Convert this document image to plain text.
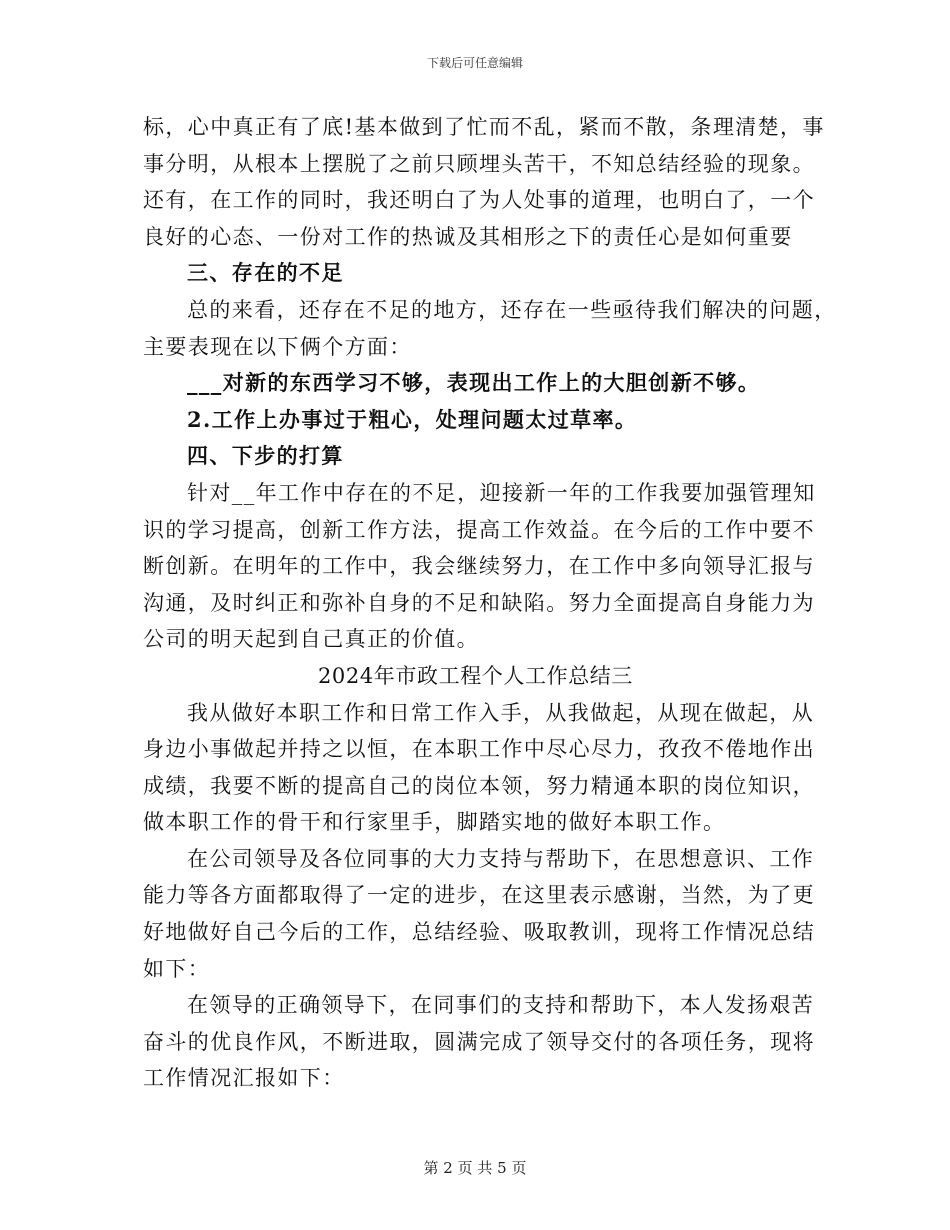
下载后可任意编辑
标，心中真正有了底!基本做到了忙而不乱，紧而不散，条理清楚，事
事分明，从根本上摆脱了之前只顾埋头苦干，不知总结经验的现象。
还有，在工作的同时，我还明白了为人处事的道理，也明白了，一个
良好的心态、一份对工作的热诚及其相形之下的责任心是如何重要
三、存在的不足
总的来看，还存在不足的地方，还存在一些亟待我们解决的问题，
主要表现在以下俩个方面：
___对新的东西学习不够，表现出工作上的大胆创新不够。
2.工作上办事过于粗心，处理问题太过草率。
四、下步的打算
针对__年工作中存在的不足，迎接新一年的工作我要加强管理知
识的学习提高，创新工作方法，提高工作效益。在今后的工作中要不
断创新。在明年的工作中，我会继续努力，在工作中多向领导汇报与
沟通，及时纠正和弥补自身的不足和缺陷。努力全面提高自身能力为
公司的明天起到自己真正的价值。
2024年市政工程个人工作总结三
我从做好本职工作和日常工作入手，从我做起，从现在做起，从
身边小事做起并持之以恒，在本职工作中尽心尽力，孜孜不倦地作出
成绩，我要不断的提高自己的岗位本领，努力精通本职的岗位知识，
做本职工作的骨干和行家里手，脚踏实地的做好本职工作。
在公司领导及各位同事的大力支持与帮助下，在思想意识、工作
能力等各方面都取得了一定的进步，在这里表示感谢，当然，为了更
好地做好自己今后的工作，总结经验、吸取教训，现将工作情况总结
如下：
在领导的正确领导下，在同事们的支持和帮助下，本人发扬艰苦
奋斗的优良作风，不断进取，圆满完成了领导交付的各项任务，现将
工作情况汇报如下：
第 2 页 共 5 页
